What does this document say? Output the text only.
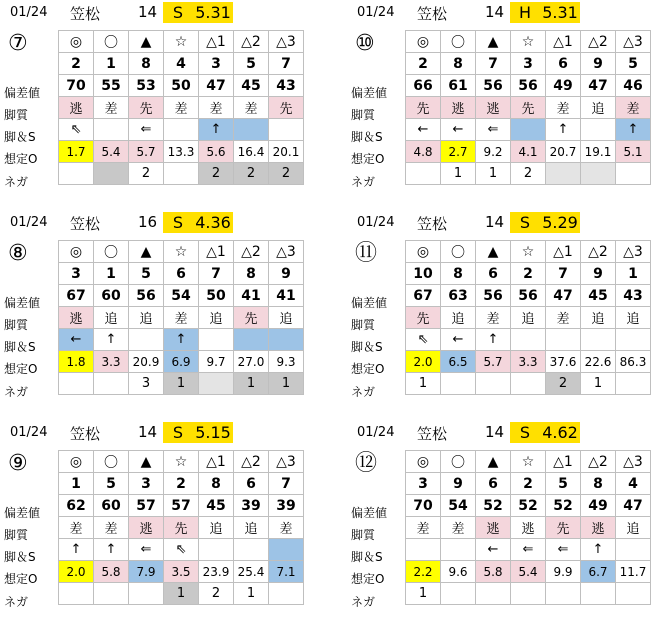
01/24 笠松	14 S 5.31
⑦
偏差値
脚質
脚＆S
想定O
ネガ
◎	〇	▲	☆	△1	△2	△3
2	1	8	4	3	5	7
70	55	53	50	47	45	43
逃	差	先	差	差	差	先
⇖		⇐		↑		
1.7	5.4	5.7	13.3	5.6	16.4	20.1
		2		2	2	2
01/24 笠松	14 H 5.31
⑩
偏差値
脚質
脚＆S
想定O
ネガ
◎	〇	▲	☆	△1	△2	△3
2	8	7	3	6	9	5
66	61	56	56	49	47	46
先	逃	逃	先	差	追	差
←	←	⇐		↑		↑
4.8	2.7	9.2	4.1	20.7	19.1	5.1
	1	1	2			
01/24 笠松	16 S 4.36
⑧
偏差値
脚質
脚＆S
想定O
ネガ
◎	〇	▲	☆	△1	△2	△3
3	1	5	6	7	8	9
67	60	56	54	50	41	41
逃	追	追	差	追	先	追
←	↑		↑			
1.8	3.3	20.9	6.9	9.7	27.0	9.3
		3	1		1	1
01/24 笠松	14 S 5.29
⑪
偏差値
脚質
脚＆S
想定O
ネガ
◎	〇	▲	☆	△1	△2	△3
10	8	6	2	7	9	1
67	63	56	56	47	45	43
先	追	差	追	差	追	追
⇖	←	↑				
2.0	6.5	5.7	3.3	37.6	22.6	86.3
1				2	1	
01/24 笠松	14 S 5.15
⑨
偏差値
脚質
脚＆S
想定O
ネガ
◎	〇	▲	☆	△1	△2	△3
1	5	3	2	8	6	7
62	60	57	57	45	39	39
差	差	逃	先	追	追	差
↑	↑	⇐	⇖			
2.0	5.8	7.9	3.5	23.9	25.4	7.1
			1	2	1	
01/24 笠松	14 S 4.62
⑫
偏差値
脚質
脚＆S
想定O
ネガ
◎	〇	▲	☆	△1	△2	△3
3	9	6	2	5	8	4
70	54	52	52	52	49	47
差	差	逃	逃	先	逃	追
		←	⇐	⇐	↑	
2.2	9.6	5.8	5.4	9.9	6.7	11.7
1						
